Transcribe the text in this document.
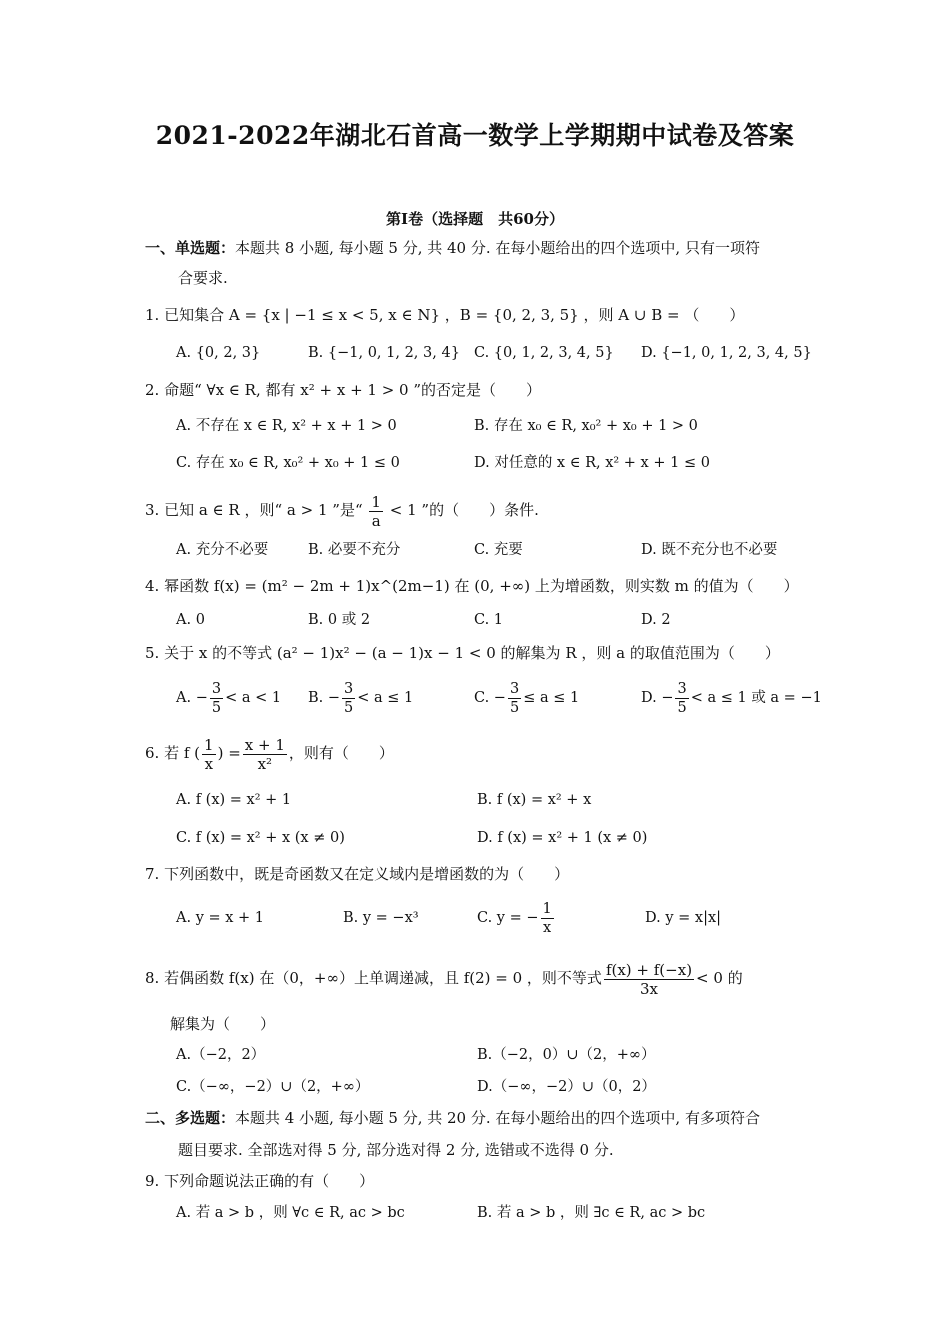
2021-2022年湖北石首高一数学上学期期中试卷及答案
第Ⅰ卷（选择题　共60分）
一、单选题：本题共 8 小题, 每小题 5 分, 共 40 分. 在每小题给出的四个选项中, 只有一项符
合要求.
1. 已知集合 A = {x | −1 ≤ x < 5, x ∈ N} ，B = {0, 2, 3, 5} ，则 A ∪ B = （　　）
A. {0, 2, 3}	B. {−1, 0, 1, 2, 3, 4} C. {0, 1, 2, 3, 4, 5} D. {−1, 0, 1, 2, 3, 4, 5}
2. 命题“ ∀x ∈ R, 都有 x² + x + 1 > 0 ”的否定是（　　）
A. 不存在 x ∈ R, x² + x + 1 > 0	B. 存在 x₀ ∈ R, x₀² + x₀ + 1 > 0
C. 存在 x₀ ∈ R, x₀² + x₀ + 1 ≤ 0	D. 对任意的 x ∈ R, x² + x + 1 ≤ 0
3. 已知 a ∈ R ，则“ a > 1 ”是“ $\frac{1}{a} < 1$ ”的（　　）条件.
A. 充分不必要	B. 必要不充分	C. 充要	D. 既不充分也不必要
4. 幂函数 f(x) = (m² − 2m + 1)x^(2m−1) 在 (0, +∞) 上为增函数，则实数 m 的值为（　　）
A. 0	B. 0 或 2	C. 1	D. 2
5. 关于 x 的不等式 (a² − 1)x² − (a − 1)x − 1 < 0 的解集为 R ，则 a 的取值范围为（　　）
A. − $\frac{3}{5} < a < 1$ B. − $\frac{3}{5} < a \le 1$	C. − $\frac{3}{5} \le a \le 1$	D. − $\frac{3}{5} < a \le 1$ 或 a = −1
6. 若 f ( $\frac{1}{x}$ ) = $\frac{x + 1}{\text{x²}}$ ，则有（　　）
A. f (x) = x² + 1	B. f (x) = x² + x
C. f (x) = x² + x (x ≠ 0)	D. f (x) = x² + 1 (x ≠ 0)
7. 下列函数中，既是奇函数又在定义域内是增函数的为（　　）
A. y = x + 1	B. y = −x³	C. y = − $\frac{1}{x}$	D. y = x|x|
8. 若偶函数 f(x) 在（0，+∞）上单调递减，且 f(2) = 0 ，则不等式 $\frac{f(x) + f(-x)}{3x} < 0$ 的
解集为（　　）
A.（−2，2）	B.（−2，0）∪（2，+∞）
C.（−∞，−2）∪（2，+∞）	D.（−∞，−2）∪（0，2）
二、多选题：本题共 4 小题, 每小题 5 分, 共 20 分. 在每小题给出的四个选项中, 有多项符合
题目要求. 全部选对得 5 分, 部分选对得 2 分, 选错或不选得 0 分.
9. 下列命题说法正确的有（　　）
A. 若 a > b ，则 ∀c ∈ R, ac > bc	B. 若 a > b ，则 ∃c ∈ R, ac > bc
